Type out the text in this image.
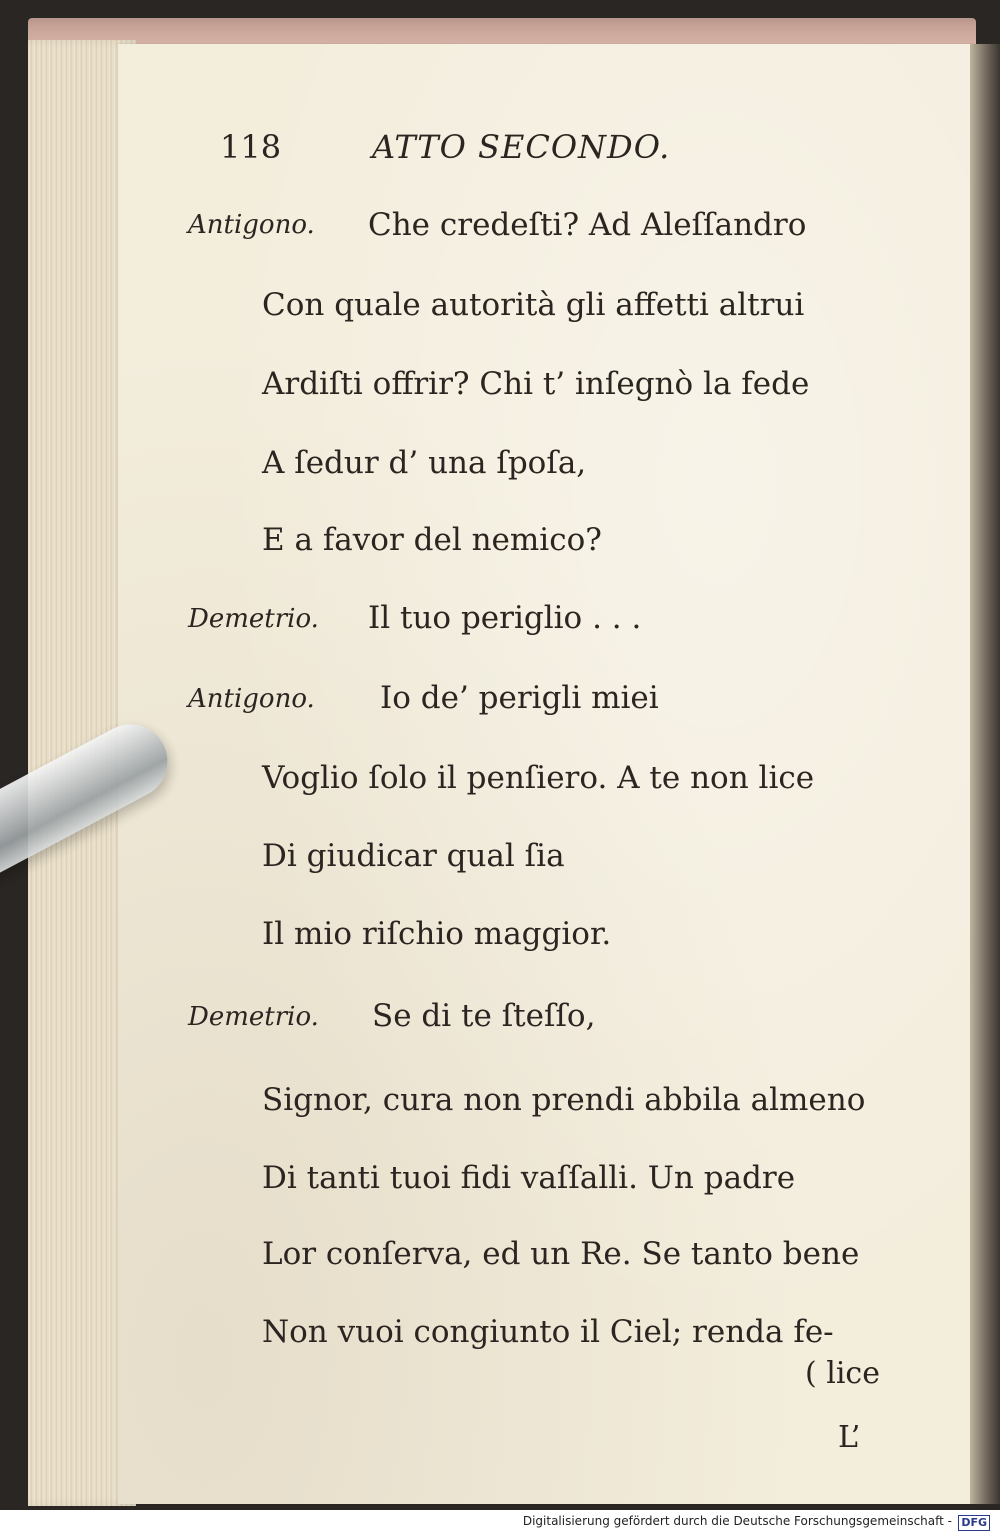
118	ATTO SECONDO.
Antigono. Che credeſti? Ad Aleſſandro
Con quale autorità gli affetti altrui
Ardiſti offrir? Chi t’ inſegnò la fede
A ſedur d’ una ſpoſa,
E a favor del nemico?
Demetrio. Il tuo periglio . . .
Antigono. Io de’ perigli miei
Voglio ſolo il penſiero. A te non lice
Di giudicar qual ſia
Il mio riſchio maggior.
Demetrio. Se di te ſteſſo,
Signor, cura non prendi abbila almeno
Di tanti tuoi fidi vaſſalli. Un padre
Lor conſerva, ed un Re. Se tanto bene
Non vuoi congiunto il Ciel; renda fe-
( lice
L’
Digitalisierung gefördert durch die Deutsche Forschungsgemeinschaft - DFG
